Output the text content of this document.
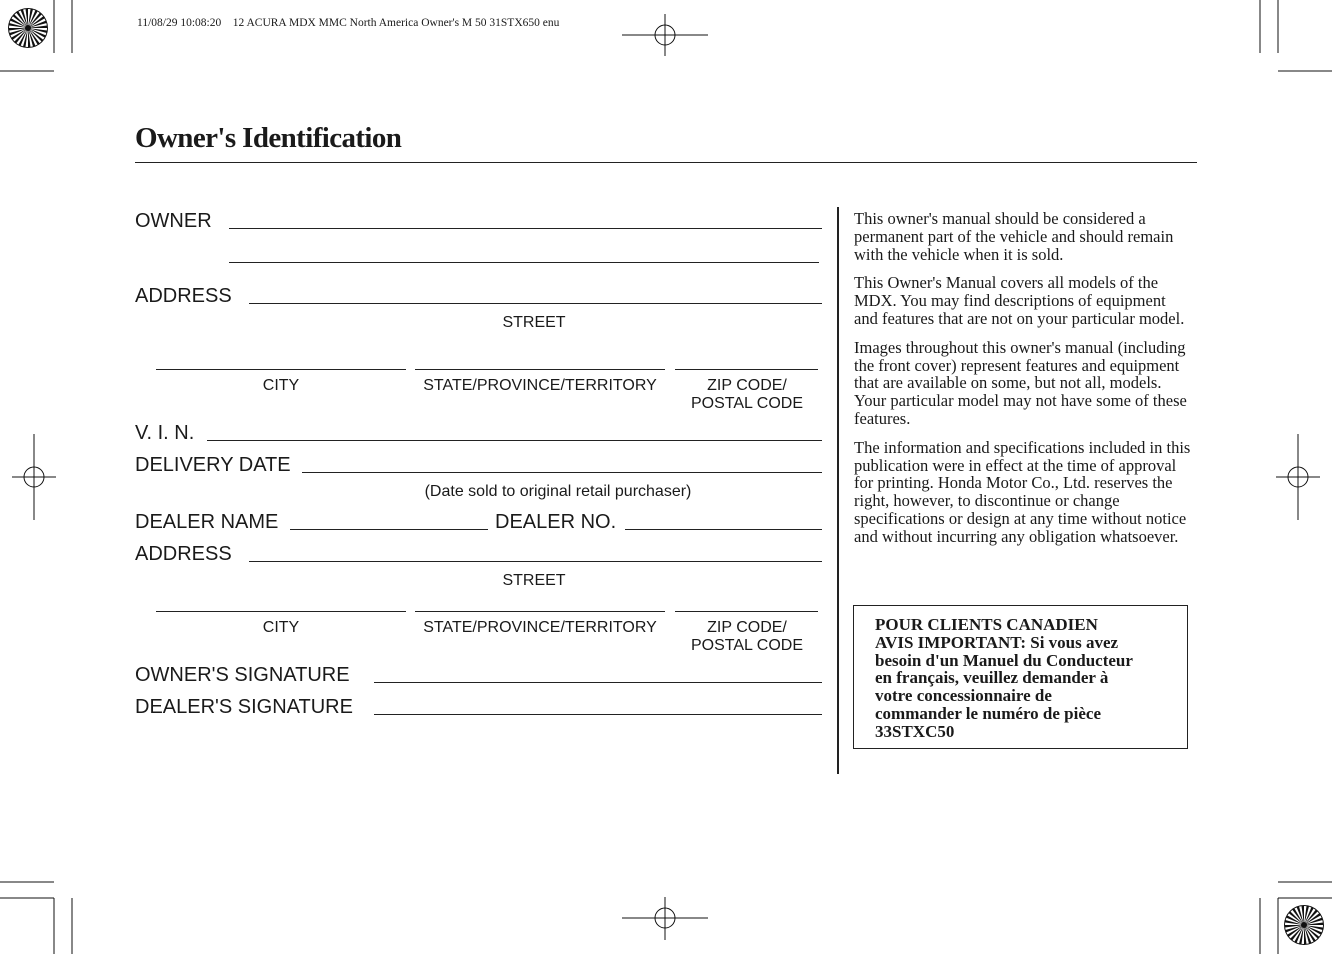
11/08/29 10:08:20    12 ACURA MDX MMC North America Owner's M 50 31STX650 enu
Owner's Identification
OWNER
ADDRESS
STREET
CITY	STATE/PROVINCE/TERRITORY	ZIP CODE/
POSTAL CODE
V. I. N.
DELIVERY DATE
(Date sold to original retail purchaser)
DEALER NAME	DEALER NO.
ADDRESS
STREET
CITY	STATE/PROVINCE/TERRITORY	ZIP CODE/
POSTAL CODE
OWNER'S SIGNATURE
DEALER'S SIGNATURE

This owner's manual should be considered a permanent part of the vehicle and should remain with the vehicle when it is sold.

This Owner's Manual covers all models of the MDX. You may find descriptions of equipment and features that are not on your particular model.

Images throughout this owner's manual (including the front cover) represent features and equipment that are available on some, but not all, models. Your particular model may not have some of these features.

The information and specifications included in this publication were in effect at the time of approval for printing. Honda Motor Co., Ltd. reserves the right, however, to discontinue or change specifications or design at any time without notice and without incurring any obligation whatsoever.

POUR CLIENTS CANADIEN
AVIS IMPORTANT: Si vous avez
besoin d'un Manuel du Conducteur
en français, veuillez demander à
votre concessionnaire de
commander le numéro de pièce
33STXC50
